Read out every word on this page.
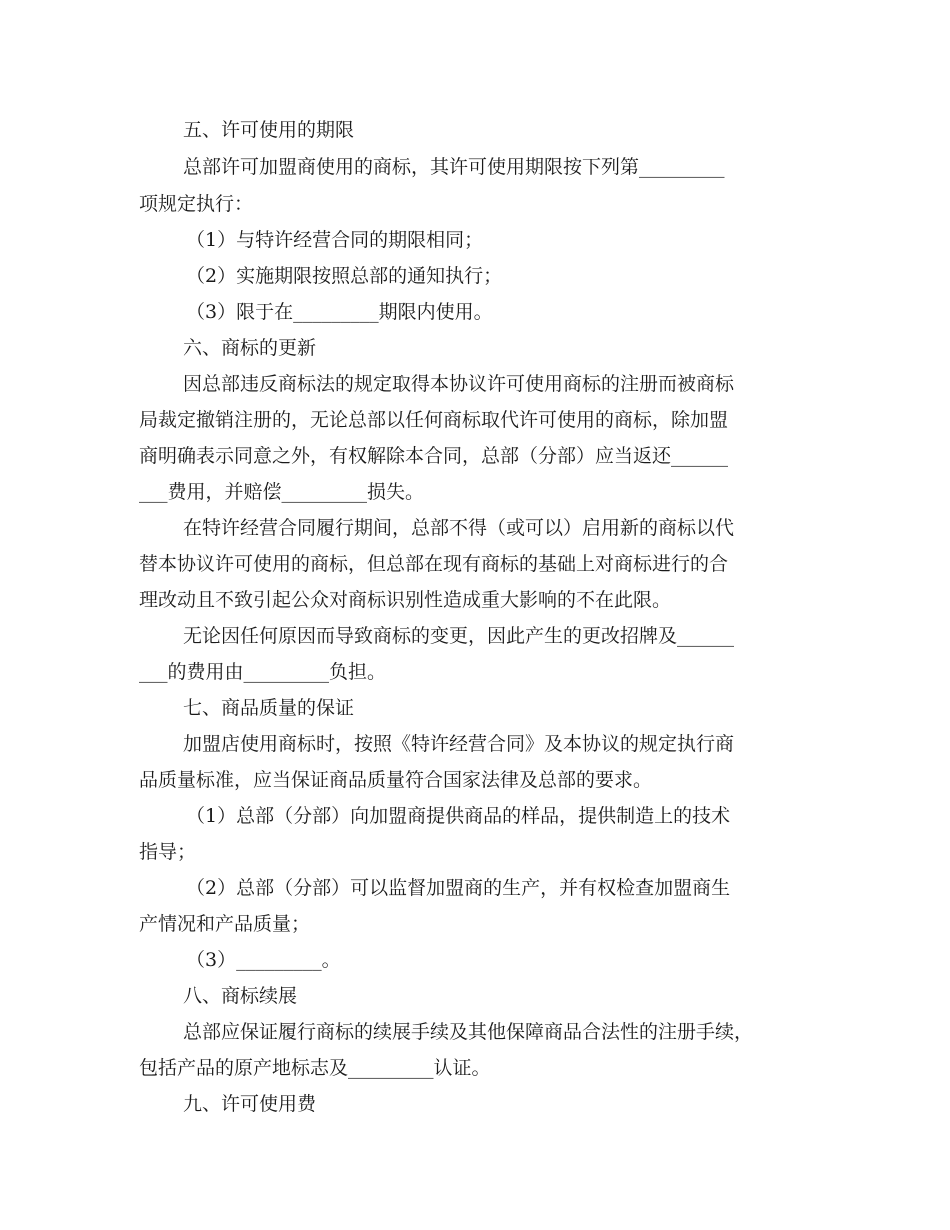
五、许可使用的期限
总部许可加盟商使用的商标，其许可使用期限按下列第_________
项规定执行：
（1）与特许经营合同的期限相同；
（2）实施期限按照总部的通知执行；
（3）限于在_________期限内使用。
六、商标的更新
因总部违反商标法的规定取得本协议许可使用商标的注册而被商标
局裁定撤销注册的，无论总部以任何商标取代许可使用的商标，除加盟
商明确表示同意之外，有权解除本合同，总部（分部）应当返还______
___费用，并赔偿_________损失。
在特许经营合同履行期间，总部不得（或可以）启用新的商标以代
替本协议许可使用的商标，但总部在现有商标的基础上对商标进行的合
理改动且不致引起公众对商标识别性造成重大影响的不在此限。
无论因任何原因而导致商标的变更，因此产生的更改招牌及______
___的费用由_________负担。
七、商品质量的保证
加盟店使用商标时，按照《特许经营合同》及本协议的规定执行商
品质量标准，应当保证商品质量符合国家法律及总部的要求。
（1）总部（分部）向加盟商提供商品的样品，提供制造上的技术
指导；
（2）总部（分部）可以监督加盟商的生产，并有权检查加盟商生
产情况和产品质量；
（3）_________。
八、商标续展
总部应保证履行商标的续展手续及其他保障商品合法性的注册手续，
包括产品的原产地标志及_________认证。
九、许可使用费
